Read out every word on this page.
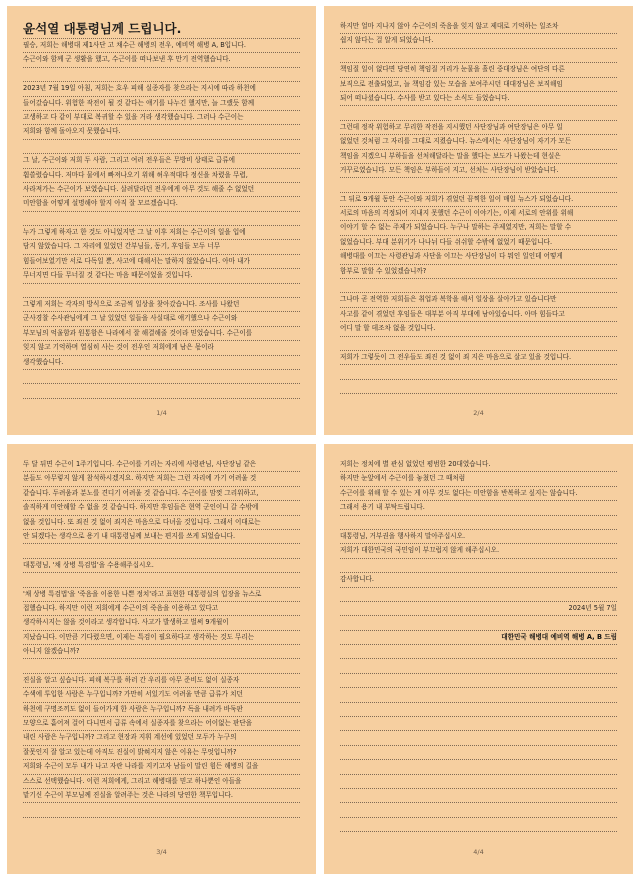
윤석열 대통령님께 드립니다.
필승, 저희는 해병대 제1사단 고 채수근 해병의 전우, 예비역 해병 A, B입니다.
수근이와 함께 군 생활을 했고, 수근이를 떠나보낸 후 만기 전역했습니다.
2023년 7월 19일 아침, 저희는 호우 피해 실종자를 찾으라는 지시에 따라 하천에
들어갔습니다. 위험한 작전이 될 것 같다는 얘기를 나누긴 했지만, 늘 그랬듯 함께
고생하고 다 같이 부대로 복귀할 수 있을 거라 생각했습니다. 그러나 수근이는
저희와 함께 돌아오지 못했습니다.
그 날, 수근이와 저희 두 사람, 그리고 여러 전우들은 무방비 상태로 급류에
휩쓸렸습니다. 저마다 물에서 빠져나오기 위해 허우적대다 정신을 차렸을 무렵,
사라져가는 수근이가 보였습니다. 살려달라던 전우에게 아무 것도 해줄 수 없었던
미안함을 어떻게 설명해야 할지 아직 잘 모르겠습니다.
누가 그렇게 하자고 한 것도 아니었지만 그 날 이후 저희는 수근이의 일을 입에
담지 않았습니다. 그 자리에 있었던 간부님들, 동기, 후임들 모두 너무
힘들어보였기만 서로 다독일 뿐, 사고에 대해서는 말하지 않았습니다. 아마 내가
무너지면 다들 무너질 것 같다는 마음 때문이었을 것입니다.
그렇게 저희는 각자의 방식으로 조금씩 일상을 찾아갔습니다. 조사를 나왔던
군사경찰 수사관님에게 그 날 있었던 일들을 사실대로 얘기했으나 수근이와
부모님의 억울함과 원통함은 나라에서 잘 해결해줄 것이라 믿었습니다. 수근이를
잊지 않고 기억하며 열심히 사는 것이 전우인 저희에게 남은 몫이라
생각했습니다.
1/4
하지만 얼마 지나지 않아 수근이의 죽음을 잊지 않고 제대로 기억하는 일조차
쉽지 않다는 걸 알게 되었습니다.
책임질 일이 없다면 당연히 책임질 거리가 눈물을 흘린 중대장님은 여단의 다른
보직으로 전출되었고, 늘 책임감 있는 모습을 보여주시던 대대장님은 보직해임
되어 떠나셨습니다. 수사를 받고 있다는 소식도 들었습니다.
그런데 정작 위험하고 무리한 작전을 지시했던 사단장님과 여단장님은 아무 일
없었던 것처럼 그 자리를 그대로 지켰습니다. 뉴스에서는 사단장님이 자기가 모든
책임을 지겠으니 부하들을 선처해달라는 말을 했다는 보도가 나왔는데 현실은
거꾸로였습니다. 모든 책임은 부하들이 지고, 선처는 사단장님이 받았습니다.
그 뒤로 9개월 동안 수근이와 저희가 겪었던 끔찍한 일이 매일 뉴스가 되었습니다.
서로의 마음의 걱정되어 지내지 못했던 수근이 이야기는, 이제 서로의 안위를 위해
이야기 할 수 없는 주제가 되었습니다. 누구나 말하는 주제였지만, 저희는 말할 수
없었습니다. 부대 분위기가 나나뉘 다들 쉬쉬할 수밖에 없었기 때문입니다.
해병대를 이끄는 사령관님과 사단을 이끄는 사단장님이 다 뭐인 일인데 어떻게
함부로 말할 수 있었겠습니까?
그나마 곧 전역한 저희들은 취업과 복학을 해서 일상을 살아가고 있습니다만
사고를 같이 겪었던 후임들은 대부분 아직 부대에 남아있습니다. 아마 힘들다고
어디 말 할 데조차 없을 것입니다.
저희가 그렇듯이 그 전우들도 죄진 것 없이 죄 지은 마음으로 살고 있을 것입니다.
2/4
두 달 뒤면 수근이 1주기입니다. 수근이를 기리는 자리에 사령관님, 사단장님 같은
분들도 아무렇지 않게 참석하시겠지요. 하지만 저희는 그런 자리에 가기 어려울 것
같습니다. 두려움과 분노를 견디기 어려울 것 같습니다. 수근이를 맘껏 그리워하고,
솔직하게 미안해할 수 없을 것 같습니다. 하지만 후임들은 현역 군인이니 갈 수밖에
없을 것입니다. 또 죄진 것 없이 죄지은 마음으로 다녀올 것입니다. 그래서 이대로는
안 되겠다는 생각으로 용기 내 대통령님께 보내는 편지를 쓰게 되었습니다.
대통령님, '채 상병 특검법'을 수용해주십시오.
'채 상병 특검법'을 '죽음을 이용한 나쁜 정치'라고 표현한 대통령실의 입장을 뉴스로
접했습니다. 하지만 이런 저희에게 수근이의 죽음을 이용하고 있다고
생각하시지는 않을 것이라고 생각합니다. 사고가 발생하고 벌써 9개월이
지났습니다. 이만큼 기다렸으면, 이제는 특검이 필요하다고 생각하는 것도 무리는
아니지 않겠습니까?
진실을 알고 싶습니다. 피해 복구를 하러 간 우리를 아무 준비도 없이 실종자
수색에 투입한 사람은 누구입니까? 가만히 서있기도 어려울 만큼 급류가 치던
하천에 구명조끼도 없이 들어가게 한 사람은 누구입니까? 독을 내려가 바둑판
모양으로 흩어져 걸어 다니면서 급류 속에서 실종자를 찾으라는 어이없는 판단을
내린 사람은 누구입니까? 그리고 현장과 지휘 계선에 있었던 모두가 누구의
잘못인지 잘 알고 있는데 아직도 진실이 밝혀지지 않은 이유는 무엇입니까?
저희와 수근이 모두 내가 나고 자란 나라를 지키고자 남들이 말린 힘든 해병의 길을
스스로 선택했습니다. 이런 저희에게, 그리고 해병대를 믿고 하나뿐인 아들을
맡기신 수근이 부모님께 진실을 알려주는 것은 나라의 당연한 책무입니다.
3/4
저희는 정치에 별 관심 없었던 평범한 20대였습니다.
하지만 눈앞에서 수근이를 놓쳤던 그 때처럼
수근이를 위해 할 수 있는 게 아무 것도 없다는 미안함을 반복하고 싶지는 않습니다.
그래서 용기 내 부탁드립니다.
대통령님, 거부권을 행사하지 말아주십시오.
저희가 대한민국의 국민임이 부끄럽지 않게 해주십시오.
감사합니다.
2024년 5월 7일
대한민국 해병대 예비역 해병 A, B 드림
4/4
